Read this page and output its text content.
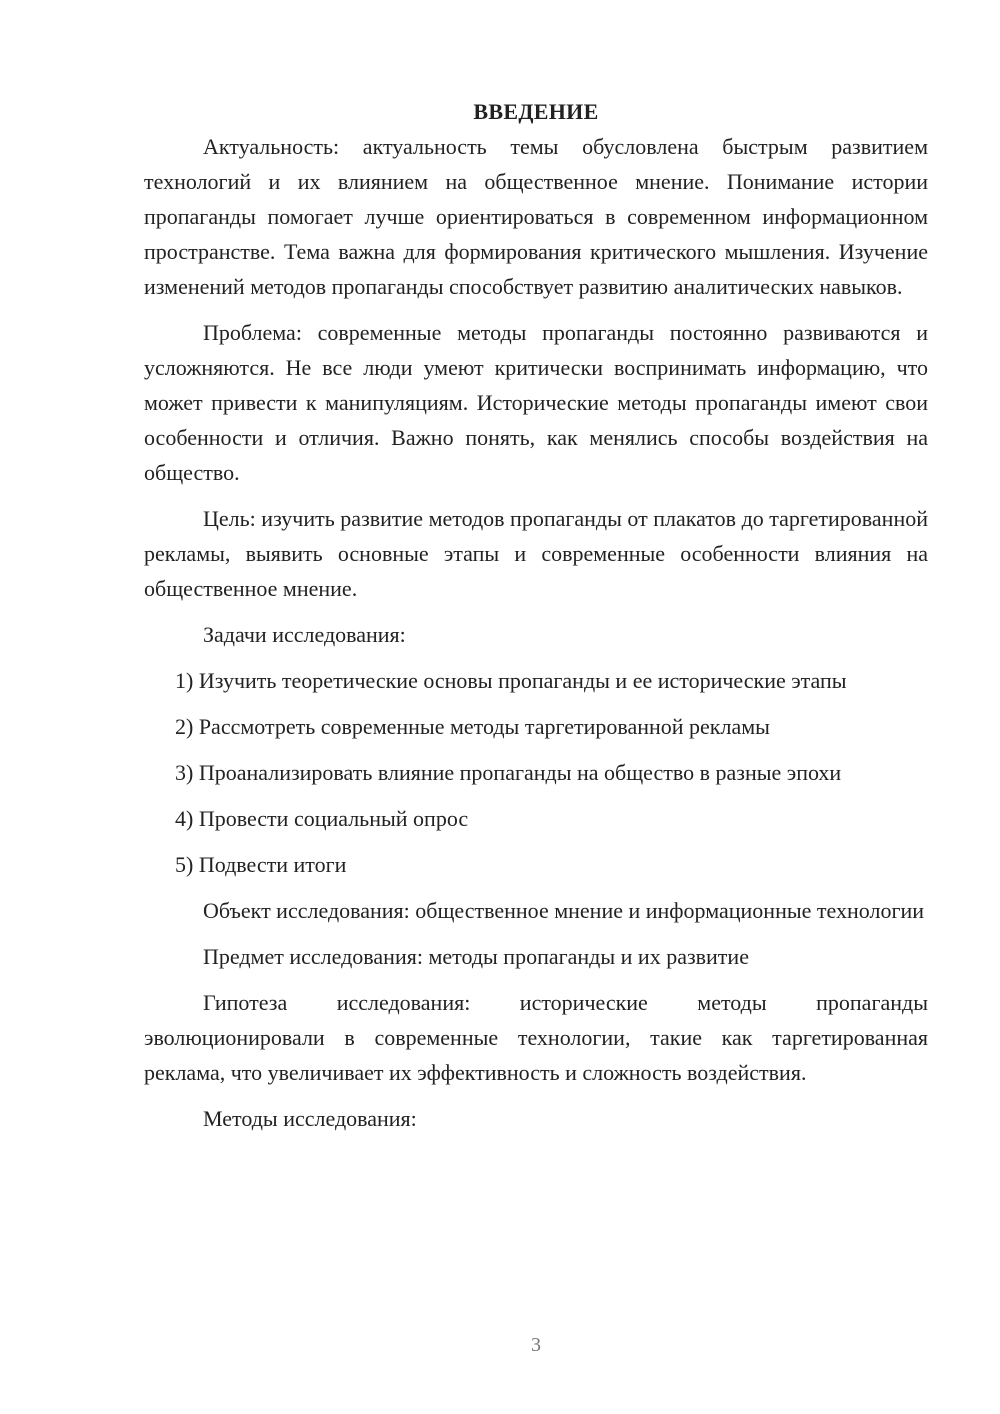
ВВЕДЕНИЕ

Актуальность: актуальность темы обусловлена быстрым развитием технологий и их влиянием на общественное мнение. Понимание истории пропаганды помогает лучше ориентироваться в современном информационном пространстве. Тема важна для формирования критического мышления. Изучение изменений методов пропаганды способствует развитию аналитических навыков.

Проблема: современные методы пропаганды постоянно развиваются и усложняются. Не все люди умеют критически воспринимать информацию, что может привести к манипуляциям. Исторические методы пропаганды имеют свои особенности и отличия. Важно понять, как менялись способы воздействия на общество.

Цель: изучить развитие методов пропаганды от плакатов до таргетированной рекламы, выявить основные этапы и современные особенности влияния на общественное мнение.

Задачи исследования:

1) Изучить теоретические основы пропаганды и ее исторические этапы

2) Рассмотреть современные методы таргетированной рекламы

3) Проанализировать влияние пропаганды на общество в разные эпохи

4) Провести социальный опрос

5) Подвести итоги

Объект исследования: общественное мнение и информационные технологии

Предмет исследования: методы пропаганды и их развитие

Гипотеза исследования: исторические методы пропаганды эволюционировали в современные технологии, такие как таргетированная реклама, что увеличивает их эффективность и сложность воздействия.

Методы исследования:

3
